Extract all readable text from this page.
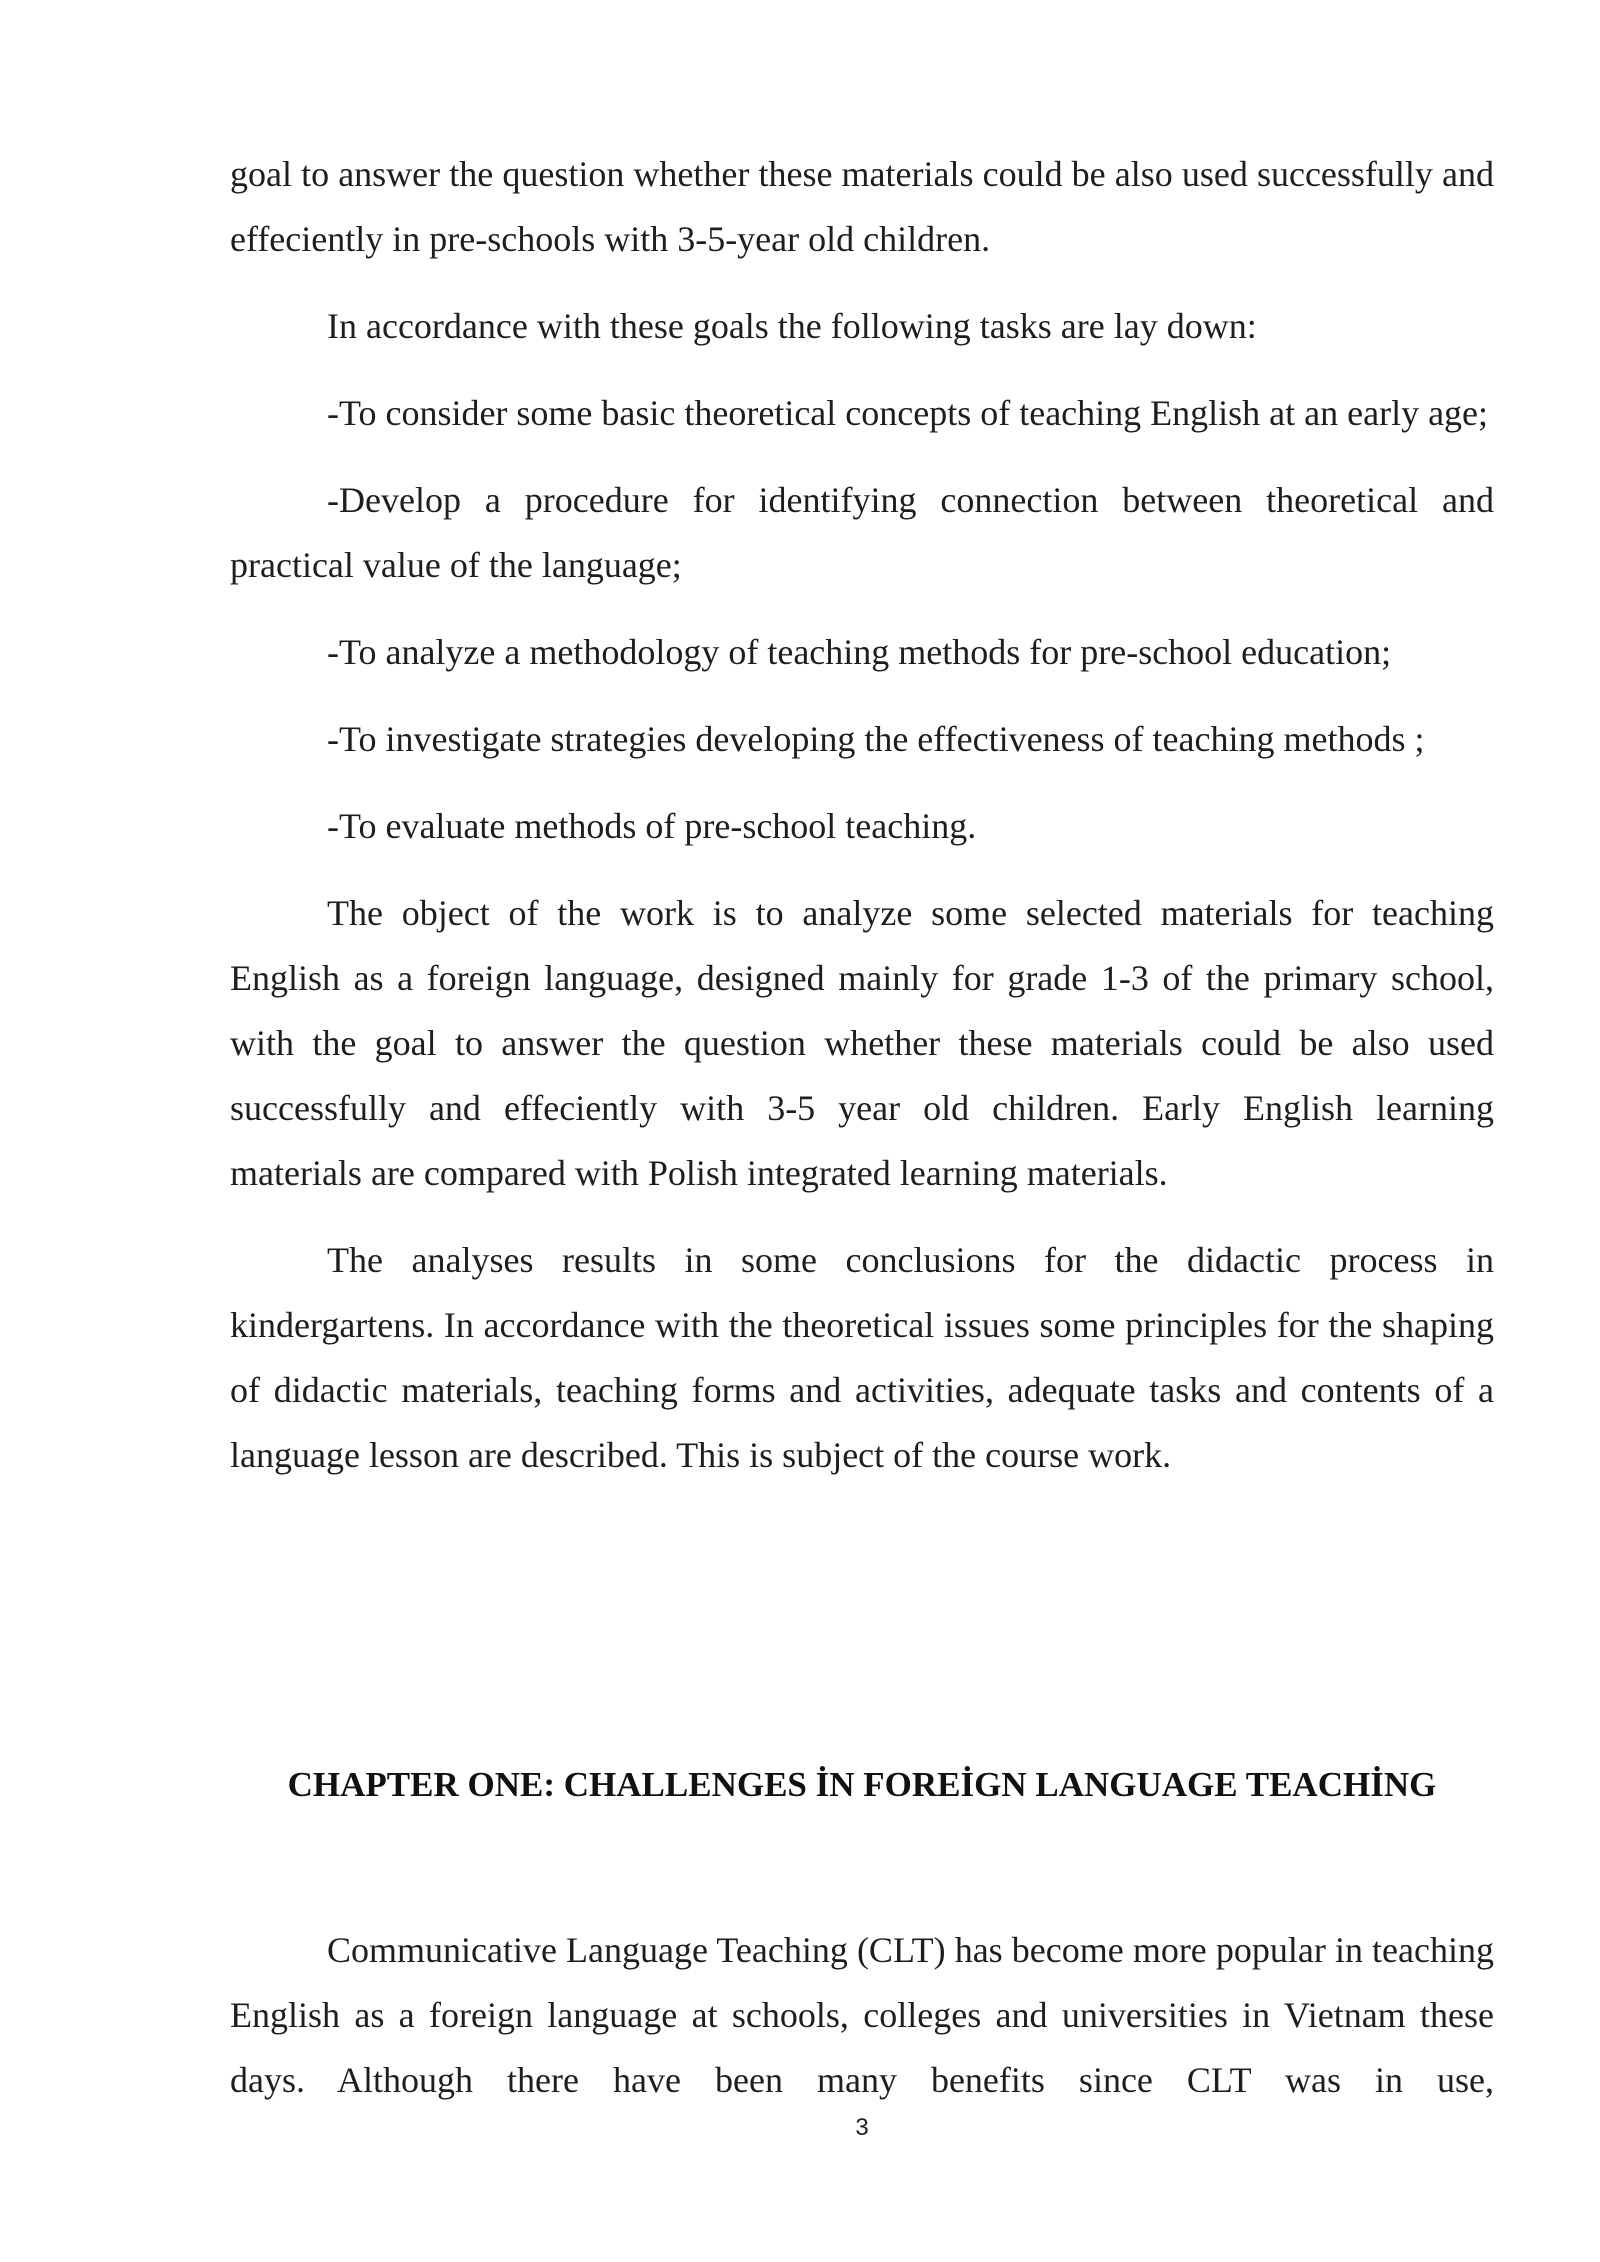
goal to answer the question whether these materials could be also used successfully and effeciently in pre-schools with 3-5-year old children.

In accordance with these goals the following tasks are lay down:

-To consider some basic theoretical concepts of teaching English at an early age;

-Develop a procedure for identifying connection between theoretical and practical value of the language;

-To analyze a methodology of teaching methods for pre-school education;

-To investigate strategies developing the effectiveness of teaching methods ;

-To evaluate methods of pre-school teaching.

The object of the work is to analyze some selected materials for teaching English as a foreign language, designed mainly for grade 1-3 of the primary school, with the goal to answer the question whether these materials could be also used successfully and effeciently with 3-5 year old children. Early English learning materials are compared with Polish integrated learning materials.

The analyses results in some conclusions for the didactic process in kindergartens. In accordance with the theoretical issues some principles for the shaping of didactic materials, teaching forms and activities, adequate tasks and contents of a language lesson are described. This is subject of the course work.

CHAPTER ONE: CHALLENGES İN FOREİGN LANGUAGE TEACHİNG

Communicative Language Teaching (CLT) has become more popular in teaching English as a foreign language at schools, colleges and universities in Vietnam these days. Although there have been many benefits since CLT was in use,

3
